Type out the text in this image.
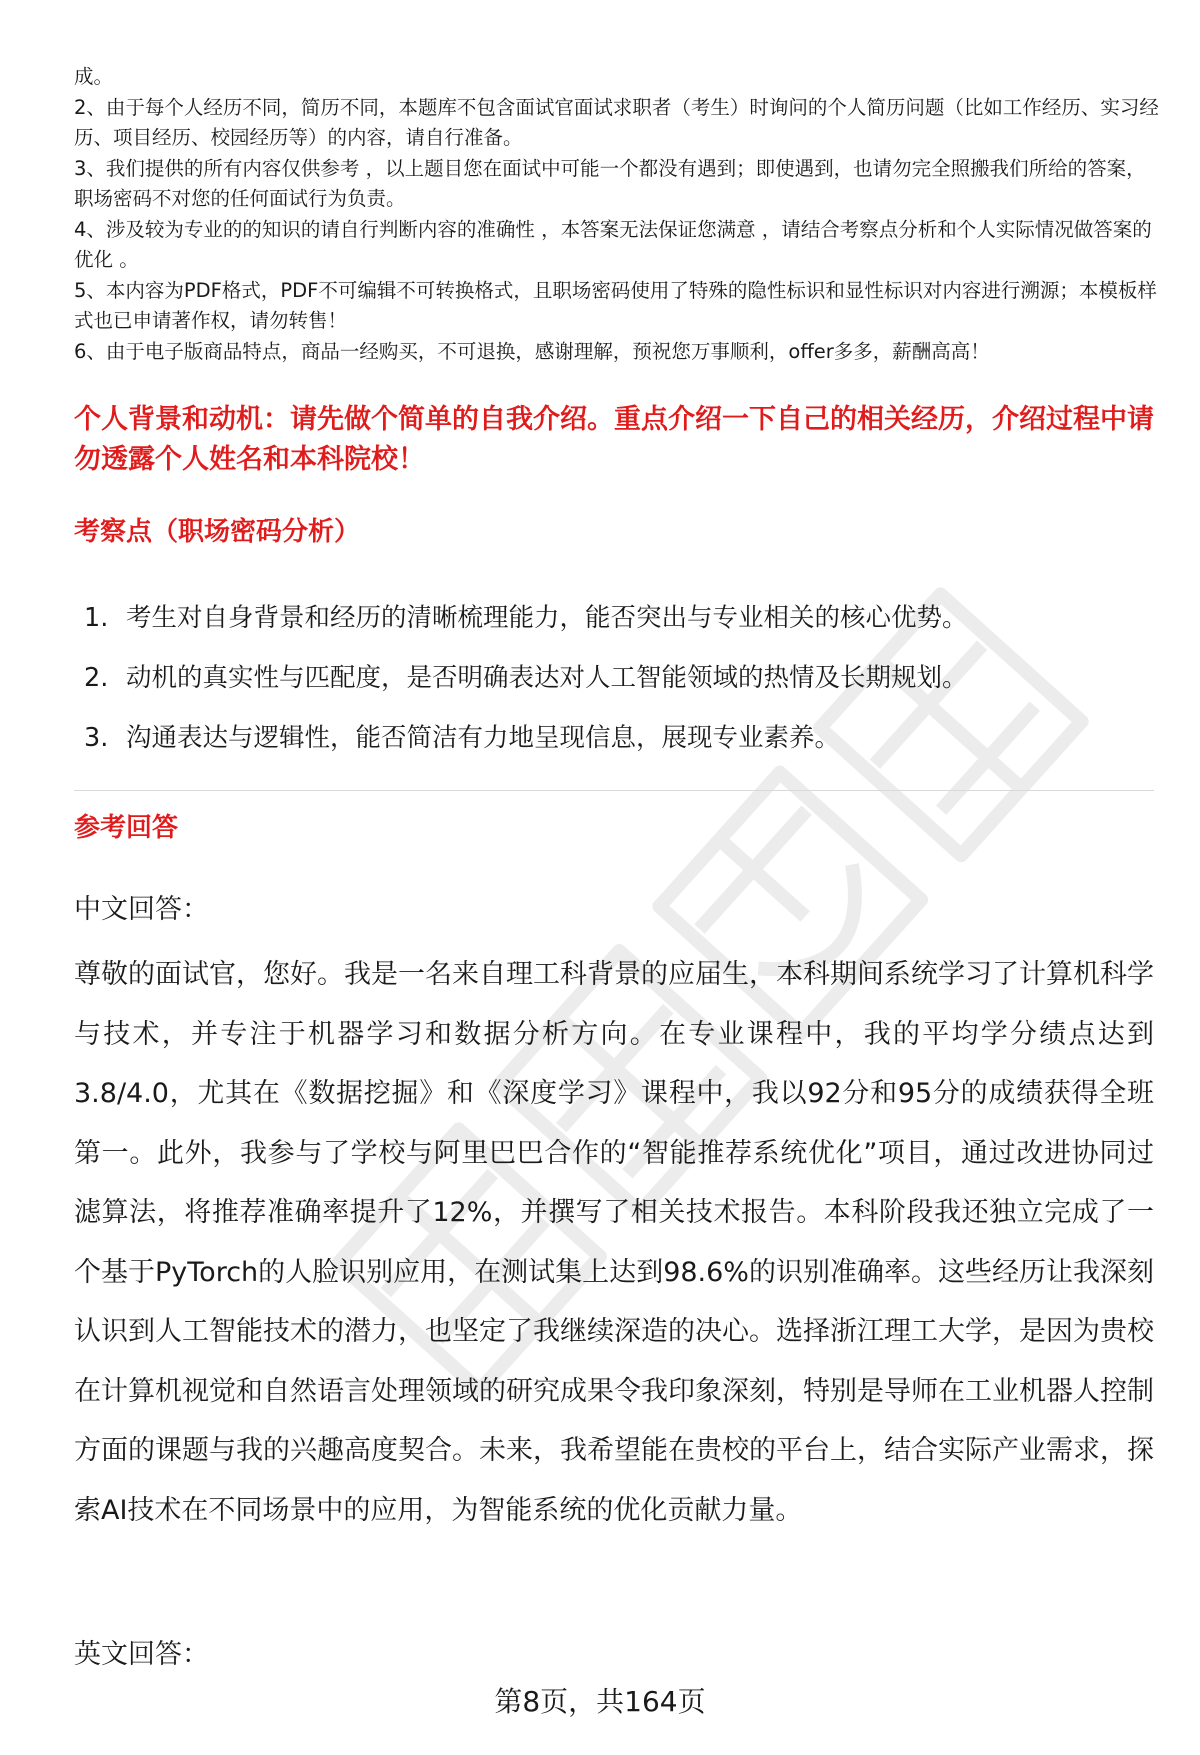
成。

2、由于每个人经历不同，简历不同，本题库不包含面试官面试求职者（考生）时询问的个人简历问题（比如工作经历、实习经历、项目经历、校园经历等）的内容，请自行准备。

3、我们提供的所有内容仅供参考 ，以上题目您在面试中可能一个都没有遇到；即使遇到，也请勿完全照搬我们所给的答案，职场密码不对您的任何面试行为负责。

4、涉及较为专业的的知识的请自行判断内容的准确性 ，本答案无法保证您满意 ，请结合考察点分析和个人实际情况做答案的优化 。

5、本内容为PDF格式，PDF不可编辑不可转换格式，且职场密码使用了特殊的隐性标识和显性标识对内容进行溯源；本模板样式也已申请著作权，请勿转售！

6、由于电子版商品特点，商品一经购买，不可退换，感谢理解，预祝您万事顺利，offer多多，薪酬高高！

个人背景和动机：请先做个简单的自我介绍。重点介绍一下自己的相关经历，介绍过程中请勿透露个人姓名和本科院校！
考察点（职场密码分析）
1. 考生对自身背景和经历的清晰梳理能力，能否突出与专业相关的核心优势。
2. 动机的真实性与匹配度，是否明确表达对人工智能领域的热情及长期规划。
3. 沟通表达与逻辑性，能否简洁有力地呈现信息，展现专业素养。
参考回答

中文回答：

尊敬的面试官，您好。我是一名来自理工科背景的应届生，本科期间系统学习了计算机科学与技术，并专注于机器学习和数据分析方向。在专业课程中，我的平均学分绩点达到3.8/4.0，尤其在《数据挖掘》和《深度学习》课程中，我以92分和95分的成绩获得全班第一。此外，我参与了学校与阿里巴巴合作的“智能推荐系统优化”项目，通过改进协同过滤算法，将推荐准确率提升了12%，并撰写了相关技术报告。本科阶段我还独立完成了一个基于PyTorch的人脸识别应用，在测试集上达到98.6%的识别准确率。这些经历让我深刻认识到人工智能技术的潜力，也坚定了我继续深造的决心。选择浙江理工大学，是因为贵校在计算机视觉和自然语言处理领域的研究成果令我印象深刻，特别是导师在工业机器人控制方面的课题与我的兴趣高度契合。未来，我希望能在贵校的平台上，结合实际产业需求，探索AI技术在不同场景中的应用，为智能系统的优化贡献力量。

英文回答：

第8页，共164页
